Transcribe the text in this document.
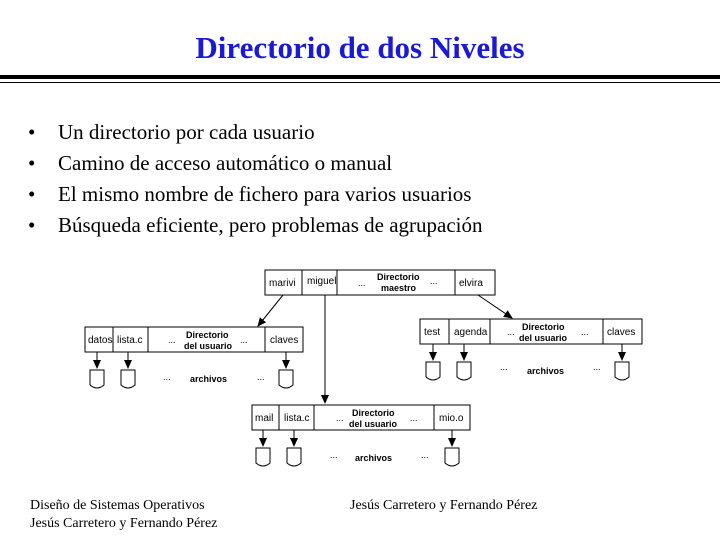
Directorio de dos Niveles
•	Un directorio por cada usuario
•	Camino de acceso automático o manual
•	El mismo nombre de fichero para varios usuarios
•	Búsqueda eficiente, pero problemas de agrupación
marivi miguel ...
Directorio
maestro
... elvira
datos lista.c	... Directorio
del usuario
... claves
... archivos	...
mail lista.c	... Directorio
del usuario
... mio.o
... archivos	...
test agenda ... Directorio
del usuario
... claves
... archivos	...
Diseño de Sistemas Operativos
Jesús Carretero y Fernando Pérez
Jesús Carretero y Fernando Pérez
